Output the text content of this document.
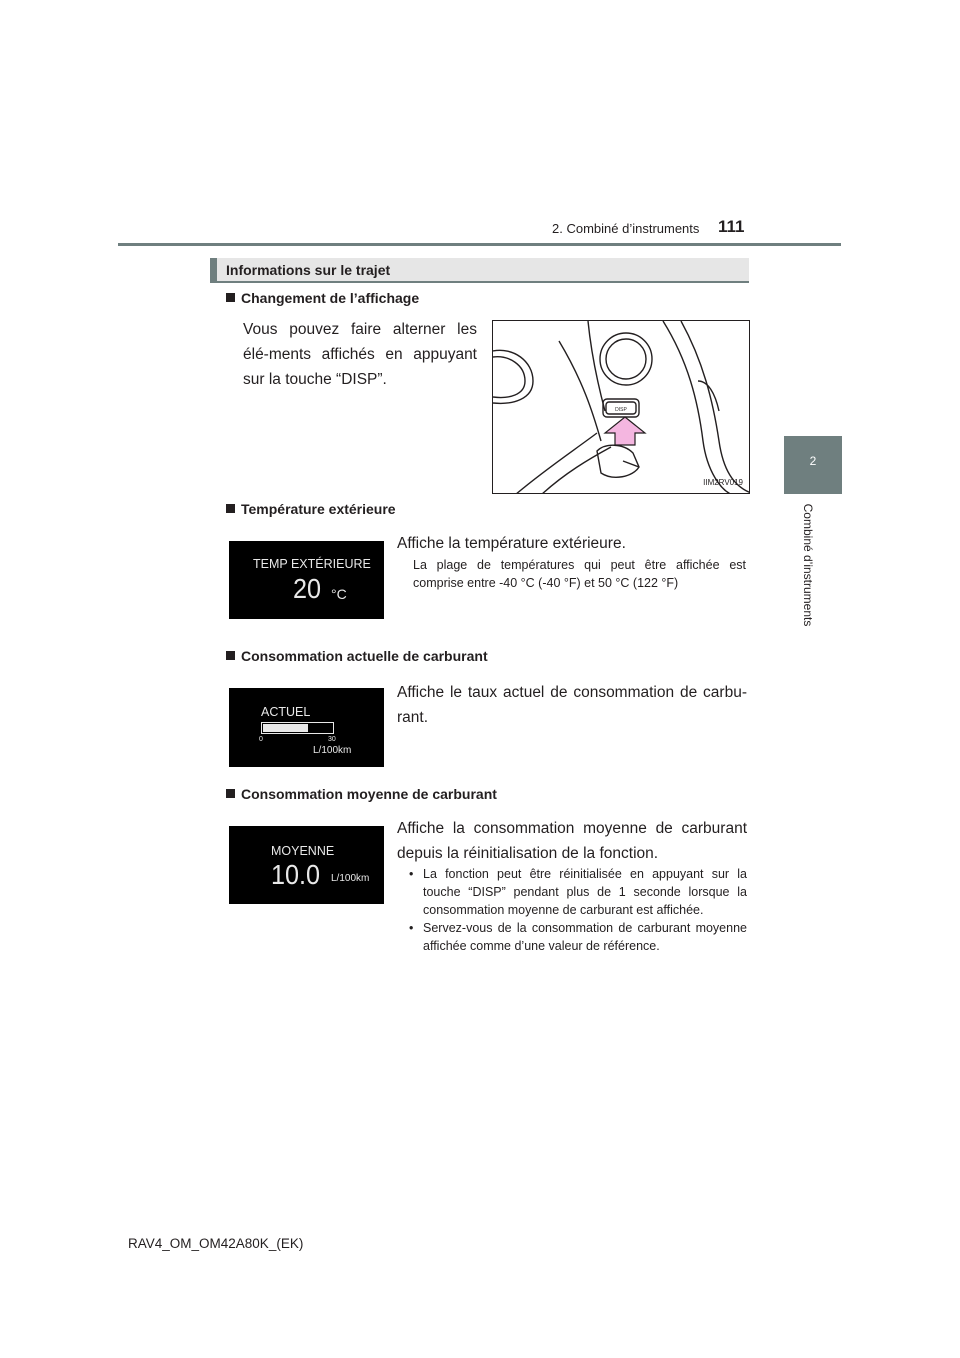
2. Combiné d’instruments 111
2
Combiné d’instruments
Informations sur le trajet
Changement de l’affichage
Vous pouvez faire alterner les élé-ments affichés en appuyant sur la touche “DISP”.
DISP
IIM2RV019
Température extérieure
TEMP EXTÉRIEURE
20 °C
Affiche la température extérieure.
La plage de températures qui peut être affichée est comprise entre -40 °C (-40 °F) et 50 °C (122 °F)
Consommation actuelle de carburant
ACTUEL
0	30
L/100km
Affiche le taux actuel de consommation de carbu-rant.
Consommation moyenne de carburant
MOYENNE
10.0 L/100km
Affiche la consommation moyenne de carburant depuis la réinitialisation de la fonction.
• La fonction peut être réinitialisée en appuyant sur la touche “DISP” pendant plus de 1 seconde lorsque la consommation moyenne de carburant est affichée.
• Servez-vous de la consommation de carburant moyenne affichée comme d’une valeur de référence.
RAV4_OM_OM42A80K_(EK)
